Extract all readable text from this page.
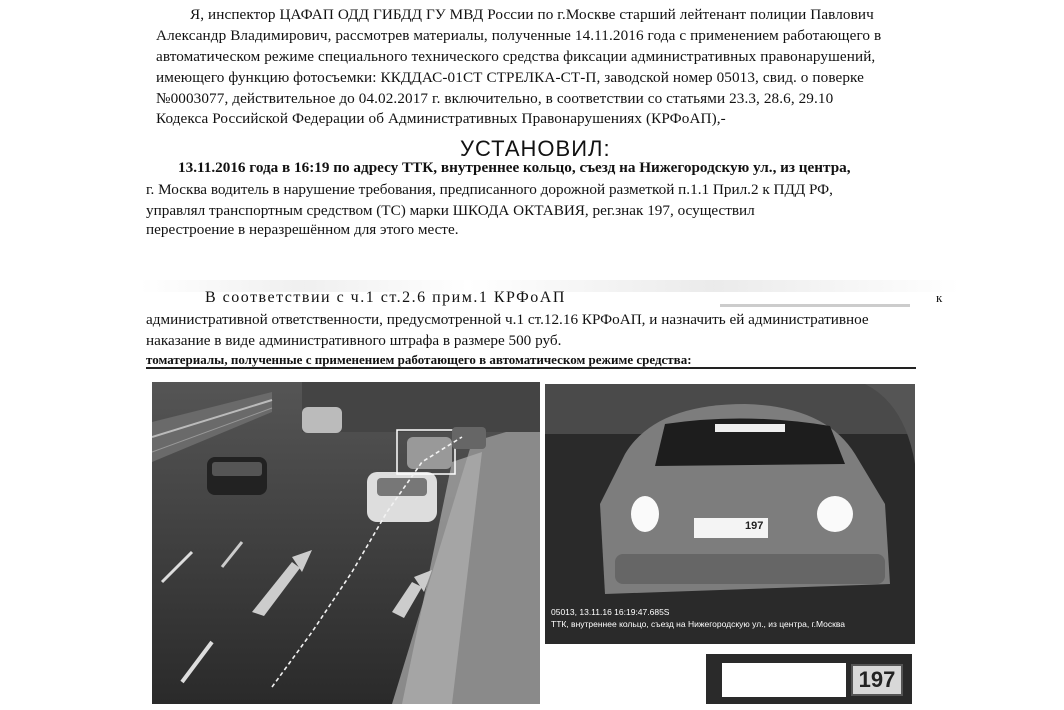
Я, инспектор ЦАФАП ОДД ГИБДД ГУ МВД России по г.Москве старший лейтенант полиции Павлович
Александр Владимирович, рассмотрев материалы, полученные 14.11.2016 года с применением работающего в
автоматическом режиме специального технического средства фиксации административных правонарушений,
имеющего функцию фотосъемки: ККДДАС-01СТ СТРЕЛКА-СТ-П, заводской номер 05013, свид. о поверке
№0003077, действительное до 04.02.2017 г. включительно, в соответствии со статьями 23.3, 28.6, 29.10
Кодекса Российской Федерации об Административных Правонарушениях (КРФоАП),-
УСТАНОВИЛ:
13.11.2016 года в 16:19 по адресу ТТК, внутреннее кольцо, съезд на Нижегородскую ул., из центра,
г. Москва водитель в нарушение требования, предписанного дорожной разметкой п.1.1 Прил.2 к ПДД РФ,
управлял транспортным средством (ТС) марки ШКОДА ОКТАВИЯ, рег.знак 197, осуществил
перестроение в неразрешённом для этого месте.
В соответствии с ч.1 ст.2.6 прим.1 КРФоАП	к
административной ответственности, предусмотренной ч.1 ст.12.16 КРФоАП, и назначить ей административное
наказание в виде административного штрафа в размере 500 руб.
томатериалы, полученные с применением работающего в автоматическом режиме средства:
05013, 13.11.16 16:19:47.685S
ТТК, внутреннее кольцо, съезд на Нижегородскую ул., из центра, г.Москва
197
197
